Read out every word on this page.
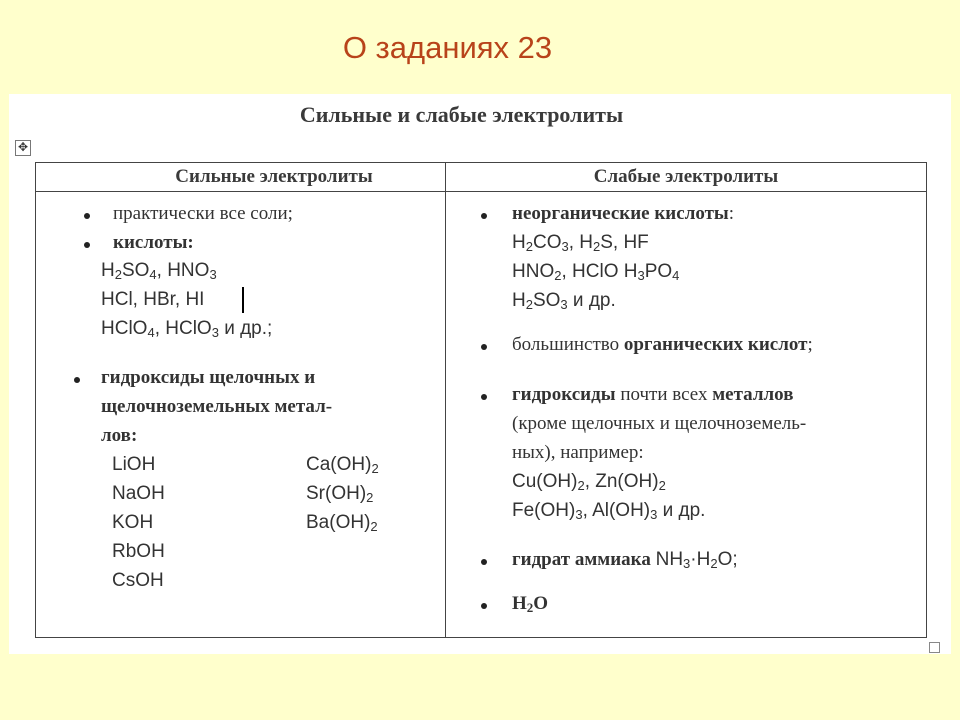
О заданиях 23
Сильные и слабые электролиты
✥
Сильные электролиты	Слабые электролиты
практически все соли;
кислоты:
$H_2SO_4$, $HNO_3$
HCl, HBr, HI
HClO$_4$, HClO$_3$ и др.;
гидроксиды щелочных и
щелочноземельных метал-
лов:
LiOH
NaOH
KOH
RbOH
CsOH
$Ca(OH)_2$
$Sr(OH)_2$
$Ba(OH)_2$
неорганические кислоты:
$H_2CO_3$, $H_2S$, HF
$HNO_2$, HClO $H_3PO_4$
$H_2SO_3$ и др.
большинство органических кислот;
гидроксиды почти всех металлов
(кроме щелочных и щелочноземель-
ных), например:
$Cu(OH)_2$, $Zn(OH)_2$
$Fe(OH)_3$, $Al(OH)_3$ и др.
гидрат аммиака $NH_3\cdot H_2O$;
$H_2O$
